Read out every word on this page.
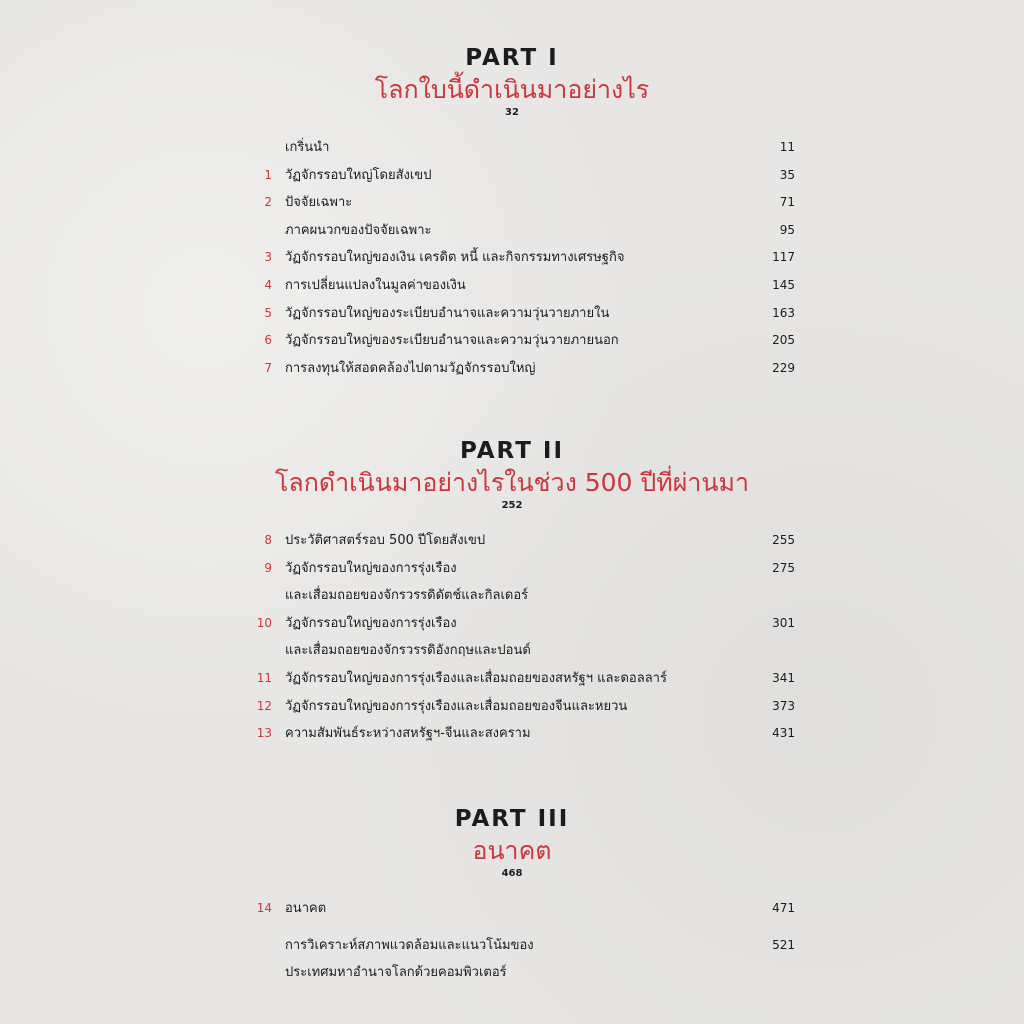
PART I
โลกใบนี้ดำเนินมาอย่างไร
32
เกริ่นนำ	11
1 วัฏจักรรอบใหญ่โดยสังเขป	35
2 ปัจจัยเฉพาะ	71
ภาคผนวกของปัจจัยเฉพาะ	95
3 วัฏจักรรอบใหญ่ของเงิน เครดิต หนี้ และกิจกรรมทางเศรษฐกิจ	117
4 การเปลี่ยนแปลงในมูลค่าของเงิน	145
5 วัฏจักรรอบใหญ่ของระเบียบอำนาจและความวุ่นวายภายใน	163
6 วัฏจักรรอบใหญ่ของระเบียบอำนาจและความวุ่นวายภายนอก	205
7 การลงทุนให้สอดคล้องไปตามวัฏจักรรอบใหญ่	229
PART II
โลกดำเนินมาอย่างไรในช่วง 500 ปีที่ผ่านมา
252
8 ประวัติศาสตร์รอบ 500 ปีโดยสังเขป	255
9 วัฏจักรรอบใหญ่ของการรุ่งเรือง	275
และเสื่อมถอยของจักรวรรดิดัตช์และกิลเดอร์
10 วัฏจักรรอบใหญ่ของการรุ่งเรือง	301
และเสื่อมถอยของจักรวรรดิอังกฤษและปอนด์
11 วัฏจักรรอบใหญ่ของการรุ่งเรืองและเสื่อมถอยของสหรัฐฯ และดอลลาร์	341
12 วัฏจักรรอบใหญ่ของการรุ่งเรืองและเสื่อมถอยของจีนและหยวน	373
13 ความสัมพันธ์ระหว่างสหรัฐฯ-จีนและสงคราม	431
PART III
อนาคต
468
14 อนาคต	471
การวิเคราะห์สภาพแวดล้อมและแนวโน้มของ	521
ประเทศมหาอำนาจโลกด้วยคอมพิวเตอร์
